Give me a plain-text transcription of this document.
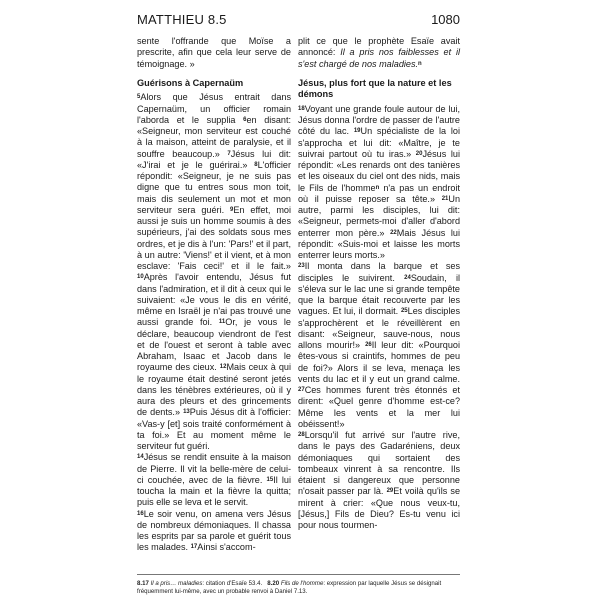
MATTHIEU 8.5	1080

sente l'offrande que Moïse a prescrite, afin que cela leur serve de témoignage. »

Guérisons à Capernaüm

$^5$Alors que Jésus entrait dans Capernaüm, un officier romain l'aborda et le supplia $^6$en disant: «Seigneur, mon serviteur est couché à la maison, atteint de paralysie, et il souffre beaucoup.» $^7$Jésus lui dit: «J'irai et je le guérirai.» $^8$L'officier répondit: «Seigneur, je ne suis pas digne que tu entres sous mon toit, mais dis seulement un mot et mon serviteur sera guéri. $^9$En effet, moi aussi je suis un homme soumis à des supérieurs, j'ai des soldats sous mes ordres, et je dis à l'un: 'Pars!' et il part, à un autre: 'Viens!' et il vient, et à mon esclave: 'Fais ceci!' et il le fait.» $^{10}$Après l'avoir entendu, Jésus fut dans l'admiration, et il dit à ceux qui le suivaient: «Je vous le dis en vérité, même en Israël je n'ai pas trouvé une aussi grande foi. $^{11}$Or, je vous le déclare, beaucoup viendront de l'est et de l'ouest et seront à table avec Abraham, Isaac et Jacob dans le royaume des cieux. $^{12}$Mais ceux à qui le royaume était destiné seront jetés dans les ténèbres extérieures, où il y aura des pleurs et des grincements de dents.» $^{13}$Puis Jésus dit à l'officier: «Vas-y [et] sois traité conformément à ta foi.» Et au moment même le serviteur fut guéri.

$^{14}$Jésus se rendit ensuite à la maison de Pierre. Il vit la belle-mère de celui-ci couchée, avec de la fièvre. $^{15}$Il lui toucha la main et la fièvre la quitta; puis elle se leva et le servit.

$^{16}$Le soir venu, on amena vers Jésus de nombreux démoniaques. Il chassa les esprits par sa parole et guérit tous les malades. $^{17}$Ainsi s'accom-

plit ce que le prophète Esaïe avait annoncé: Il a pris nos faiblesses et il s'est chargé de nos maladies.$^n$

Jésus, plus fort que la nature et les démons

$^{18}$Voyant une grande foule autour de lui, Jésus donna l'ordre de passer de l'autre côté du lac. $^{19}$Un spécialiste de la loi s'approcha et lui dit: «Maître, je te suivrai partout où tu iras.» $^{20}$Jésus lui répondit: «Les renards ont des tanières et les oiseaux du ciel ont des nids, mais le Fils de l'homme$^n$ n'a pas un endroit où il puisse reposer sa tête.» $^{21}$Un autre, parmi les disciples, lui dit: «Seigneur, permets-moi d'aller d'abord enterrer mon père.» $^{22}$Mais Jésus lui répondit: «Suis-moi et laisse les morts enterrer leurs morts.»

$^{23}$Il monta dans la barque et ses disciples le suivirent. $^{24}$Soudain, il s'éleva sur le lac une si grande tempête que la barque était recouverte par les vagues. Et lui, il dormait. $^{25}$Les disciples s'approchèrent et le réveillèrent en disant: «Seigneur, sauve-nous, nous allons mourir!» $^{26}$Il leur dit: «Pourquoi êtes-vous si craintifs, hommes de peu de foi?» Alors il se leva, menaça les vents du lac et il y eut un grand calme. $^{27}$Ces hommes furent très étonnés et dirent: «Quel genre d'homme est-ce? Même les vents et la mer lui obéissent!»

$^{28}$Lorsqu'il fut arrivé sur l'autre rive, dans le pays des Gadaréniens, deux démoniaques qui sortaient des tombeaux vinrent à sa rencontre. Ils étaient si dangereux que personne n'osait passer par là. $^{29}$Et voilà qu'ils se mirent à crier: «Que nous veux-tu, [Jésus,] Fils de Dieu? Es-tu venu ici pour nous tourmen-

8.17 Il a pris… maladies: citation d'Esaïe 53.4. 8.20 Fils de l'homme: expression par laquelle Jésus se désignait fréquemment lui-même, avec un probable renvoi à Daniel 7.13.
